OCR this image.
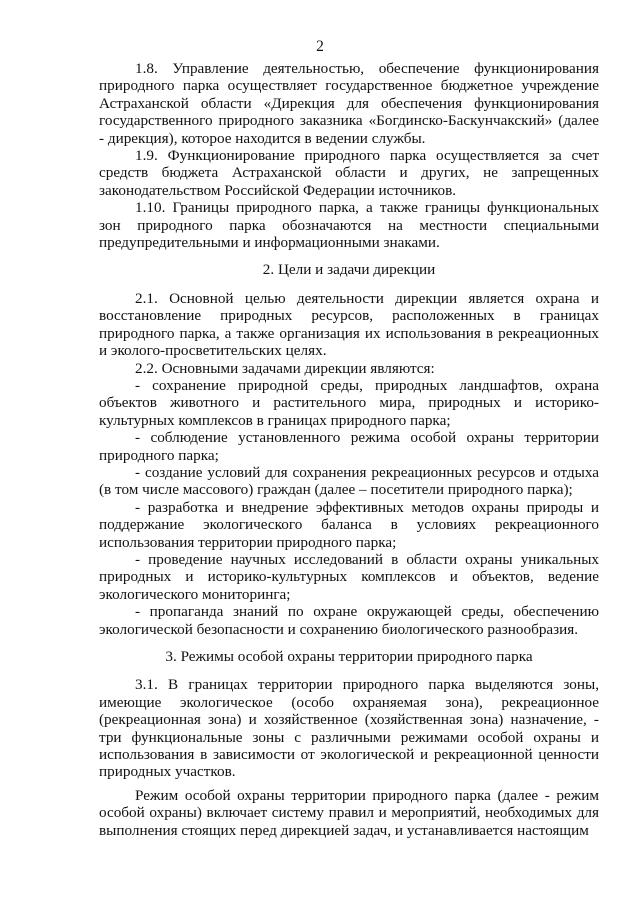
2

1.8. Управление деятельностью, обеспечение функционирования природного парка осуществляет государственное бюджетное учреждение Астраханской области «Дирекция для обеспечения функционирования государственного природного заказника «Богдинско-Баскунчакский» (далее - дирекция), которое находится в ведении службы.

1.9. Функционирование природного парка осуществляется за счет средств бюджета Астраханской области и других, не запрещенных законодательством Российской Федерации источников.

1.10. Границы природного парка, а также границы функциональных зон природного парка обозначаются на местности специальными предупредительными и информационными знаками.

2. Цели и задачи дирекции

2.1. Основной целью деятельности дирекции является охрана и восстановление природных ресурсов, расположенных в границах природного парка, а также организация их использования в рекреационных и эколого-просветительских целях.

2.2. Основными задачами дирекции являются:

- сохранение природной среды, природных ландшафтов, охрана объектов животного и растительного мира, природных и историко-культурных комплексов в границах природного парка;

- соблюдение установленного режима особой охраны территории природного парка;

- создание условий для сохранения рекреационных ресурсов и отдыха (в том числе массового) граждан (далее – посетители природного парка);

- разработка и внедрение эффективных методов охраны природы и поддержание экологического баланса в условиях рекреационного использования территории природного парка;

- проведение научных исследований в области охраны уникальных природных и историко-культурных комплексов и объектов, ведение экологического мониторинга;

- пропаганда знаний по охране окружающей среды, обеспечению экологической безопасности и сохранению биологического разнообразия.

3. Режимы особой охраны территории природного парка

3.1. В границах территории природного парка выделяются зоны, имеющие экологическое (особо охраняемая зона), рекреационное (рекреационная зона) и хозяйственное (хозяйственная зона) назначение, - три функциональные зоны с различными режимами особой охраны и использования в зависимости от экологической и рекреационной ценности природных участков.

Режим особой охраны территории природного парка (далее - режим особой охраны) включает систему правил и мероприятий, необходимых для выполнения стоящих перед дирекцией задач, и устанавливается настоящим
